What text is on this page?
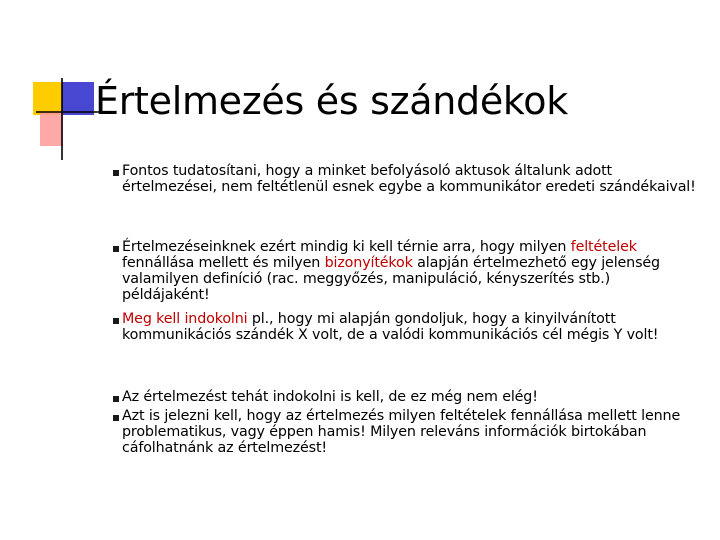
Értelmezés és szándékok

Fontos tudatosítani, hogy a minket befolyásoló aktusok általunk adott értelmezései, nem feltétlenül esnek egybe a kommunikátor eredeti szándékaival!

Értelmezéseinknek ezért mindig ki kell térnie arra, hogy milyen feltételek fennállása mellett és milyen bizonyítékok alapján értelmezhető egy jelenség valamilyen definíció (rac. meggyőzés, manipuláció, kényszerítés stb.) példájaként!

Meg kell indokolni pl., hogy mi alapján gondoljuk, hogy a kinyilvánított kommunikációs szándék X volt, de a valódi kommunikációs cél mégis Y volt!

Az értelmezést tehát indokolni is kell, de ez még nem elég!

Azt is jelezni kell, hogy az értelmezés milyen feltételek fennállása mellett lenne problematikus, vagy éppen hamis! Milyen releváns információk birtokában cáfolhatnánk az értelmezést!
